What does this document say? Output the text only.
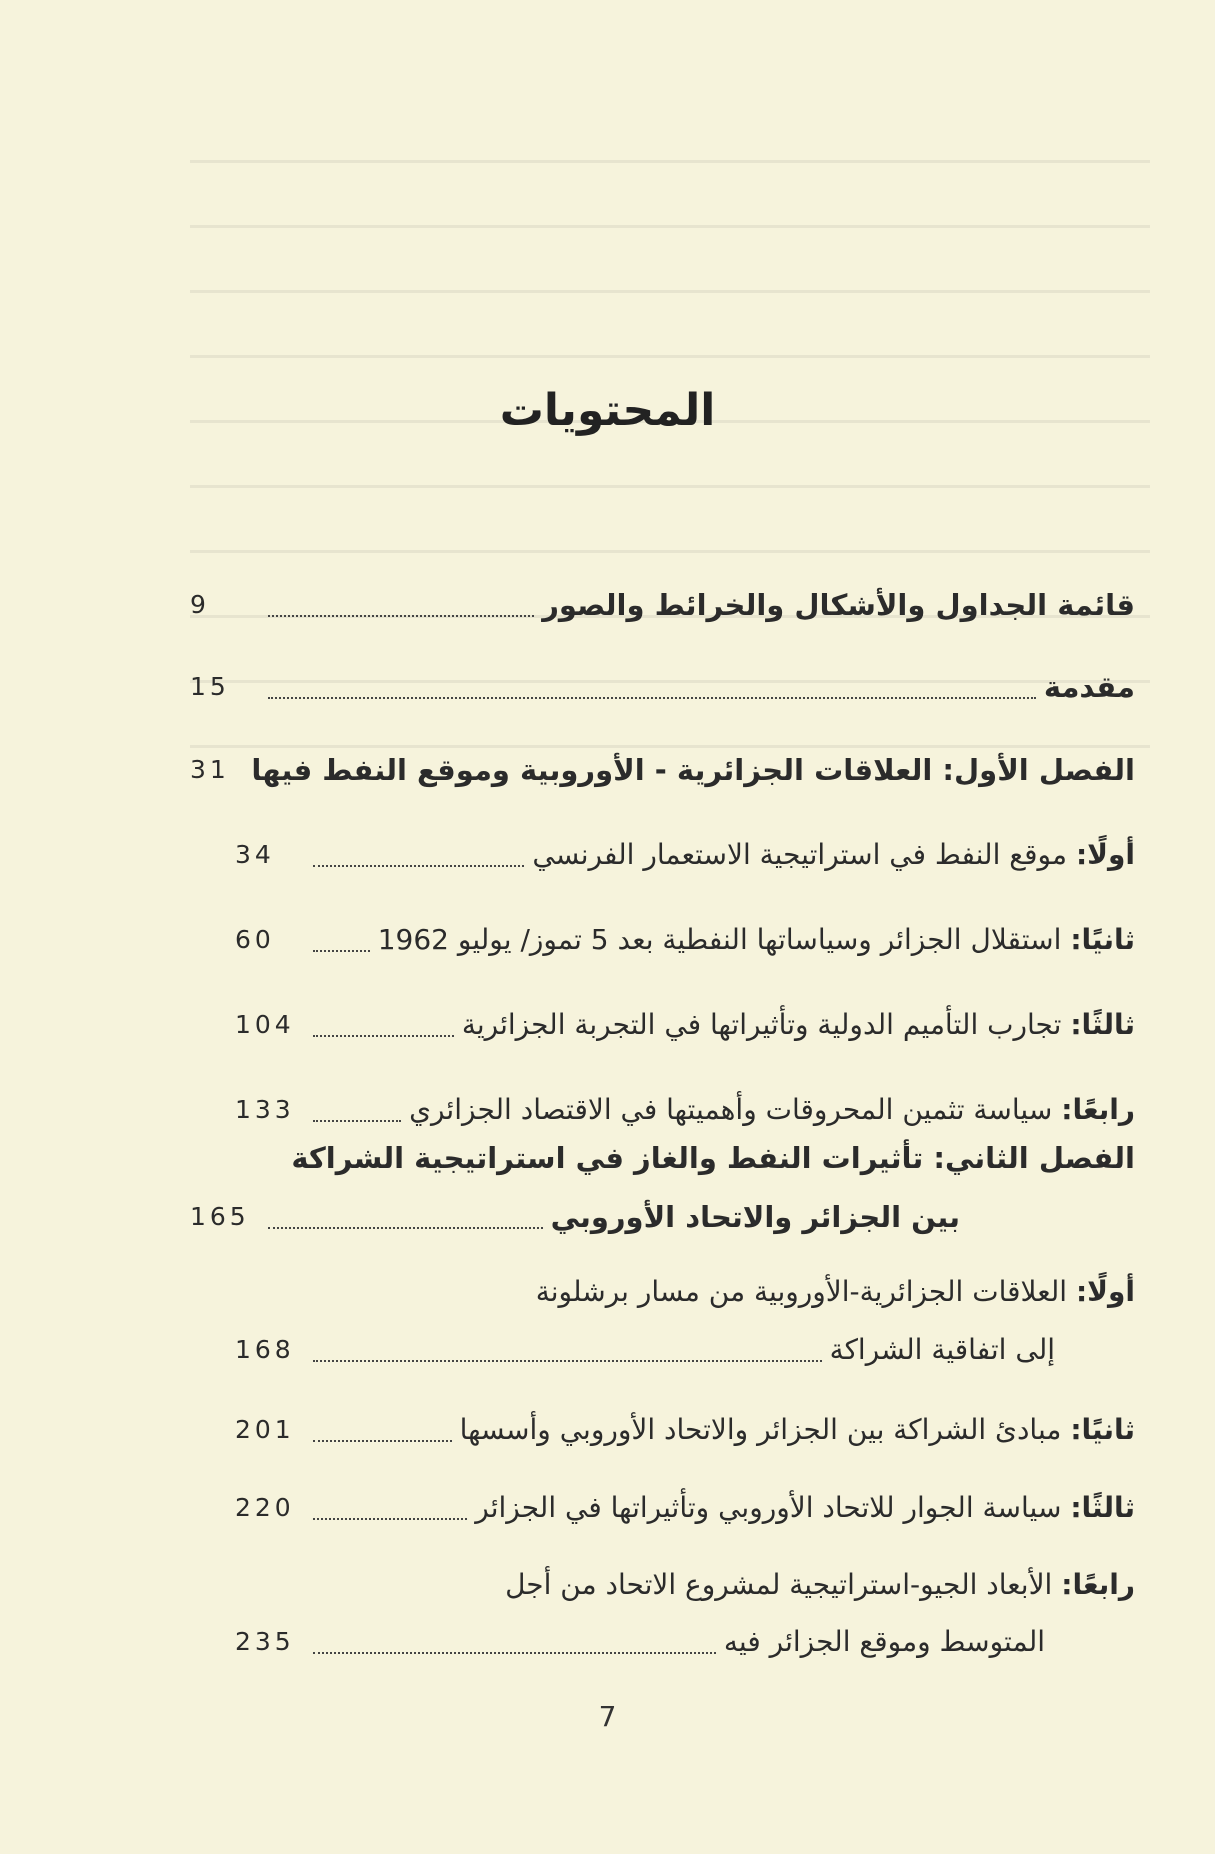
المحتويات
قائمة الجداول والأشكال والخرائط والصور
9
مقدمة
15
الفصل الأول: العلاقات الجزائرية - الأوروبية وموقع النفط فيها
31
أولًا: موقع النفط في استراتيجية الاستعمار الفرنسي
34
ثانيًا: استقلال الجزائر وسياساتها النفطية بعد 5 تموز/ يوليو 1962
60
ثالثًا: تجارب التأميم الدولية وتأثيراتها في التجربة الجزائرية
104
رابعًا: سياسة تثمين المحروقات وأهميتها في الاقتصاد الجزائري
133
الفصل الثاني: تأثيرات النفط والغاز في استراتيجية الشراكة
بين الجزائر والاتحاد الأوروبي
165
أولًا: العلاقات الجزائرية-الأوروبية من مسار برشلونة
إلى اتفاقية الشراكة
168
ثانيًا: مبادئ الشراكة بين الجزائر والاتحاد الأوروبي وأسسها
201
ثالثًا: سياسة الجوار للاتحاد الأوروبي وتأثيراتها في الجزائر
220
رابعًا: الأبعاد الجيو-استراتيجية لمشروع الاتحاد من أجل
المتوسط وموقع الجزائر فيه
235
7
